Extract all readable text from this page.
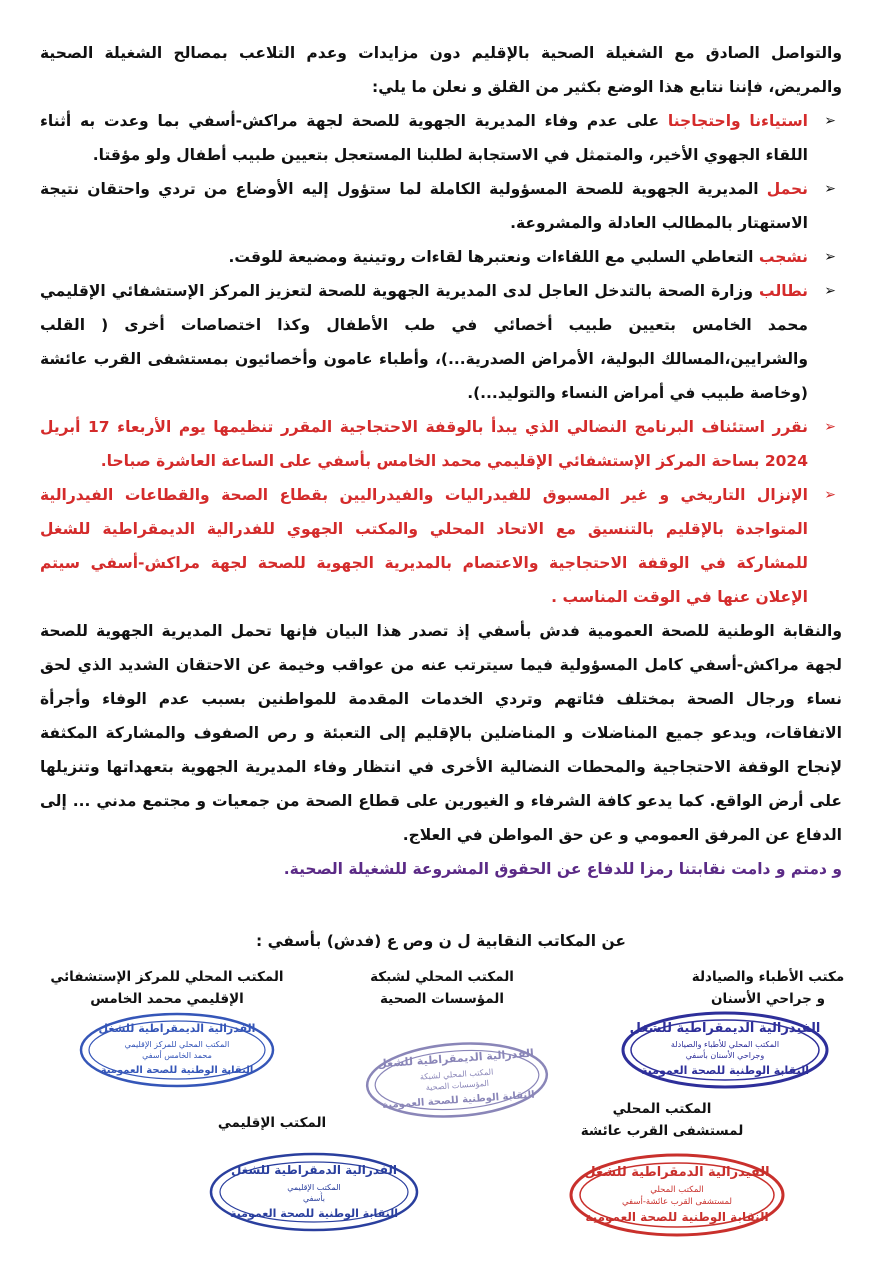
والتواصل الصادق مع الشغيلة الصحية بالإقليم دون مزايدات وعدم التلاعب بمصالح الشغيلة الصحية والمريض، فإننا نتابع هذا الوضع بكثير من القلق و نعلن ما يلي:

➢
استياءنا واحتجاجنا على عدم وفاء المديرية الجهوية للصحة لجهة مراكش-أسفي بما وعدت به أثناء اللقاء الجهوي الأخير، والمتمثل في الاستجابة لطلبنا المستعجل بتعيين طبيب أطفال ولو مؤقتا.
➢
نحمل المديرية الجهوية للصحة المسؤولية الكاملة لما ستؤول إليه الأوضاع من تردي واحتقان نتيجة الاستهتار بالمطالب العادلة والمشروعة.
➢
نشجب التعاطي السلبي مع اللقاءات ونعتبرها لقاءات روتينية ومضيعة للوقت.
➢
نطالب وزارة الصحة بالتدخل العاجل لدى المديرية الجهوية للصحة لتعزيز المركز الإستشفائي الإقليمي محمد الخامس بتعيين طبيب أخصائي في طب الأطفال وكذا اختصاصات أخرى ( القلب والشرايين،المسالك البولية، الأمراض الصدرية...)، وأطباء عامون وأخصائيون بمستشفى القرب عائشة (وخاصة طبيب في أمراض النساء والتوليد...).
➢
نقرر استئناف البرنامج النضالي الذي يبدأ بالوقفة الاحتجاجية المقرر تنظيمها يوم الأربعاء 17 أبريل 2024 بساحة المركز الإستشفائي الإقليمي محمد الخامس بأسفي على الساعة العاشرة صباحا.
➢
الإنزال التاريخي و غير المسبوق للفيدراليات والفيدراليين بقطاع الصحة والقطاعات الفيدرالية المتواجدة بالإقليم بالتنسيق مع الاتحاد المحلي والمكتب الجهوي للفدرالية الديمقراطية للشغل للمشاركة في الوقفة الاحتجاجية والاعتصام بالمديرية الجهوية للصحة لجهة مراكش-أسفي سيتم الإعلان عنها في الوقت المناسب .

والنقابة الوطنية للصحة العمومية فدش بأسفي إذ تصدر هذا البيان فإنها تحمل المديرية الجهوية للصحة لجهة مراكش-أسفي كامل المسؤولية فيما سيترتب عنه من عواقب وخيمة عن الاحتقان الشديد الذي لحق نساء ورجال الصحة بمختلف فئاتهم وتردي الخدمات المقدمة للمواطنين بسبب عدم الوفاء وأجرأة الاتفاقات، ويدعو جميع المناضلات و المناضلين بالإقليم إلى التعبئة و رص الصفوف والمشاركة المكثفة لإنجاح الوقفة الاحتجاجية والمحطات النضالية الأخرى في انتظار وفاء المديرية الجهوية بتعهداتها وتنزيلها على أرض الواقع. كما يدعو كافة الشرفاء و الغيورين على قطاع الصحة من جمعيات و مجتمع مدني ... إلى الدفاع عن المرفق العمومي و عن حق المواطن في العلاج.

و دمتم و دامت نقابتنا رمزا للدفاع عن الحقوق المشروعة للشغيلة الصحية.

عن المكاتب النقابية ل ن وص ع (فدش) بأسفي :

مكتب الأطباء والصيادلة
و جراحي الأسنان
المكتب المحلي لشبكة
المؤسسات الصحية
المكتب المحلي للمركز الإستشفائي
الإقليمي محمد الخامس
المكتب المحلي
لمستشفى القرب عائشة
المكتب الإقليمي
الفيدرالية الديمقراطية للشغل
المكتب المحلي للأطباء والصيادلة
وجراحي الأسنان بأسفي
النقابة الوطنية للصحة العمومية
الفدرالية الديمقراطية للشغل
المكتب المحلي لشبكة
المؤسسات الصحية
النقابة الوطنية للصحة العمومية
الفدرالية الديمقراطية للشغل
المكتب المحلي للمركز الإقليمي
محمد الخامس أسفي
النقابة الوطنية للصحة العمومية
الفيدرالية الدمقراطية للشغل
المكتب المحلي
لمستشفى القرب عائشة-أسفي
النقابة الوطنية للصحة العمومية
الفدرالية الدمقراطية للشغل
المكتب الإقليمي
بأسفي
النقابة الوطنية للصحة العمومية
